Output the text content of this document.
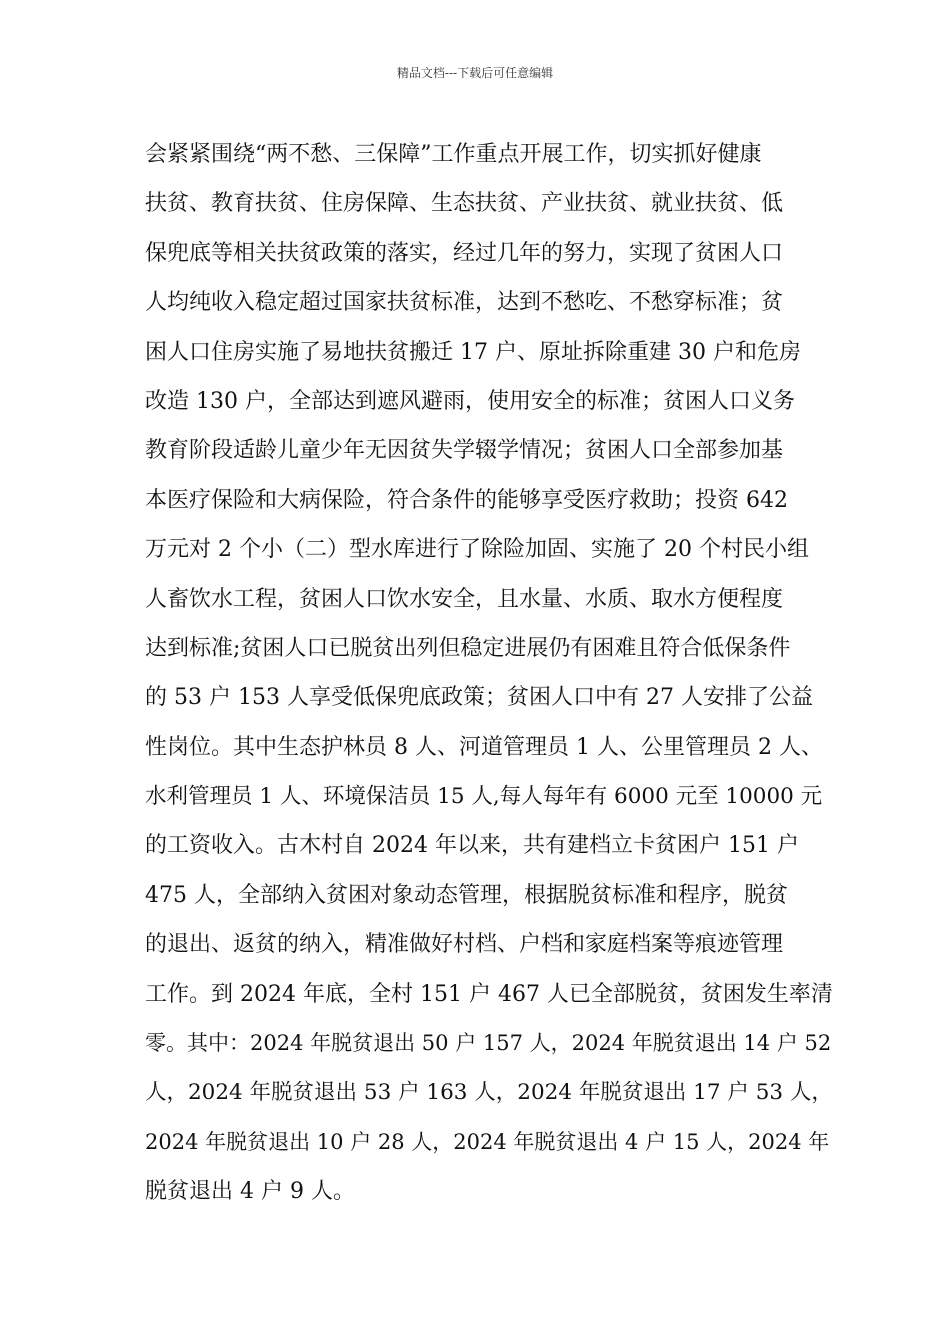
精品文档---下载后可任意编辑
会紧紧围绕“两不愁、三保障”工作重点开展工作，切实抓好健康
扶贫、教育扶贫、住房保障、生态扶贫、产业扶贫、就业扶贫、低
保兜底等相关扶贫政策的落实，经过几年的努力，实现了贫困人口
人均纯收入稳定超过国家扶贫标准，达到不愁吃、不愁穿标准；贫
困人口住房实施了易地扶贫搬迁 17 户、原址拆除重建 30 户和危房
改造 130 户，全部达到遮风避雨，使用安全的标准；贫困人口义务
教育阶段适龄儿童少年无因贫失学辍学情况；贫困人口全部参加基
本医疗保险和大病保险，符合条件的能够享受医疗救助；投资 642
万元对 2 个小（二）型水库进行了除险加固、实施了 20 个村民小组
人畜饮水工程，贫困人口饮水安全，且水量、水质、取水方便程度
达到标准;贫困人口已脱贫出列但稳定进展仍有困难且符合低保条件
的 53 户 153 人享受低保兜底政策；贫困人口中有 27 人安排了公益
性岗位。其中生态护林员 8 人、河道管理员 1 人、公里管理员 2 人、
水利管理员 1 人、环境保洁员 15 人,每人每年有 6000 元至 10000 元
的工资收入。古木村自 2024 年以来，共有建档立卡贫困户 151 户
475 人，全部纳入贫困对象动态管理，根据脱贫标准和程序，脱贫
的退出、返贫的纳入，精准做好村档、户档和家庭档案等痕迹管理
工作。到 2024 年底，全村 151 户 467 人已全部脱贫，贫困发生率清
零。其中：2024 年脱贫退出 50 户 157 人，2024 年脱贫退出 14 户 52
人，2024 年脱贫退出 53 户 163 人，2024 年脱贫退出 17 户 53 人，
2024 年脱贫退出 10 户 28 人，2024 年脱贫退出 4 户 15 人，2024 年
脱贫退出 4 户 9 人。
